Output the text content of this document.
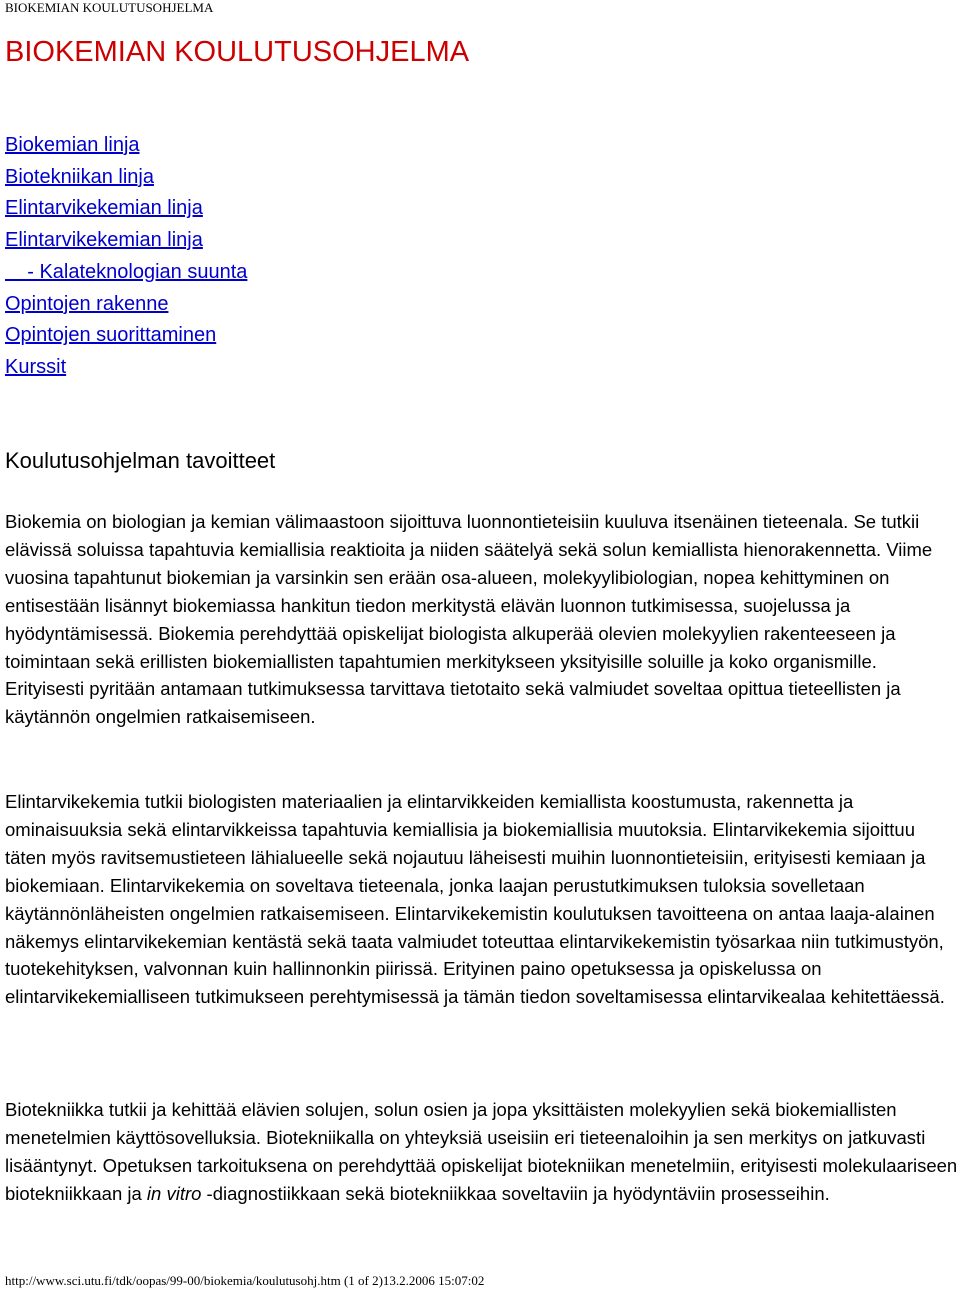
BIOKEMIAN KOULUTUSOHJELMA
BIOKEMIAN KOULUTUSOHJELMA
Biokemian linja
Biotekniikan linja
Elintarvikekemian linja
Elintarvikekemian linja
- Kalateknologian suunta
Opintojen rakenne
Opintojen suorittaminen
Kurssit
Koulutusohjelman tavoitteet

Biokemia on biologian ja kemian välimaastoon sijoittuva luonnontieteisiin kuuluva itsenäinen tieteenala. Se tutkii elävissä soluissa tapahtuvia kemiallisia reaktioita ja niiden säätelyä sekä solun kemiallista hienorakennetta. Viime vuosina tapahtunut biokemian ja varsinkin sen erään osa-alueen, molekyylibiologian, nopea kehittyminen on entisestään lisännyt biokemiassa hankitun tiedon merkitystä elävän luonnon tutkimisessa, suojelussa ja hyödyntämisessä. Biokemia perehdyttää opiskelijat biologista alkuperää olevien molekyylien rakenteeseen ja toimintaan sekä erillisten biokemiallisten tapahtumien merkitykseen yksityisille soluille ja koko organismille. Erityisesti pyritään antamaan tutkimuksessa tarvittava tietotaito sekä valmiudet soveltaa opittua tieteellisten ja käytännön ongelmien ratkaisemiseen.

Elintarvikekemia tutkii biologisten materiaalien ja elintarvikkeiden kemiallista koostumusta, rakennetta ja ominaisuuksia sekä elintarvikkeissa tapahtuvia kemiallisia ja biokemiallisia muutoksia. Elintarvikekemia sijoittuu täten myös ravitsemustieteen lähialueelle sekä nojautuu läheisesti muihin luonnontieteisiin, erityisesti kemiaan ja biokemiaan. Elintarvikekemia on soveltava tieteenala, jonka laajan perustutkimuksen tuloksia sovelletaan käytännönläheisten ongelmien ratkaisemiseen. Elintarvikekemistin koulutuksen tavoitteena on antaa laaja-alainen näkemys elintarvikekemian kentästä sekä taata valmiudet toteuttaa elintarvikekemistin työsarkaa niin tutkimustyön, tuotekehityksen, valvonnan kuin hallinnonkin piirissä. Erityinen paino opetuksessa ja opiskelussa on elintarvikekemialliseen tutkimukseen perehtymisessä ja tämän tiedon soveltamisessa elintarvikealaa kehitettäessä.

Biotekniikka tutkii ja kehittää elävien solujen, solun osien ja jopa yksittäisten molekyylien sekä biokemiallisten menetelmien käyttösovelluksia. Biotekniikalla on yhteyksiä useisiin eri tieteenaloihin ja sen merkitys on jatkuvasti lisääntynyt. Opetuksen tarkoituksena on perehdyttää opiskelijat biotekniikan menetelmiin, erityisesti molekulaariseen biotekniikkaan ja in vitro -diagnostiikkaan sekä biotekniikkaa soveltaviin ja hyödyntäviin prosesseihin.

http://www.sci.utu.fi/tdk/oopas/99-00/biokemia/koulutusohj.htm (1 of 2)13.2.2006 15:07:02
